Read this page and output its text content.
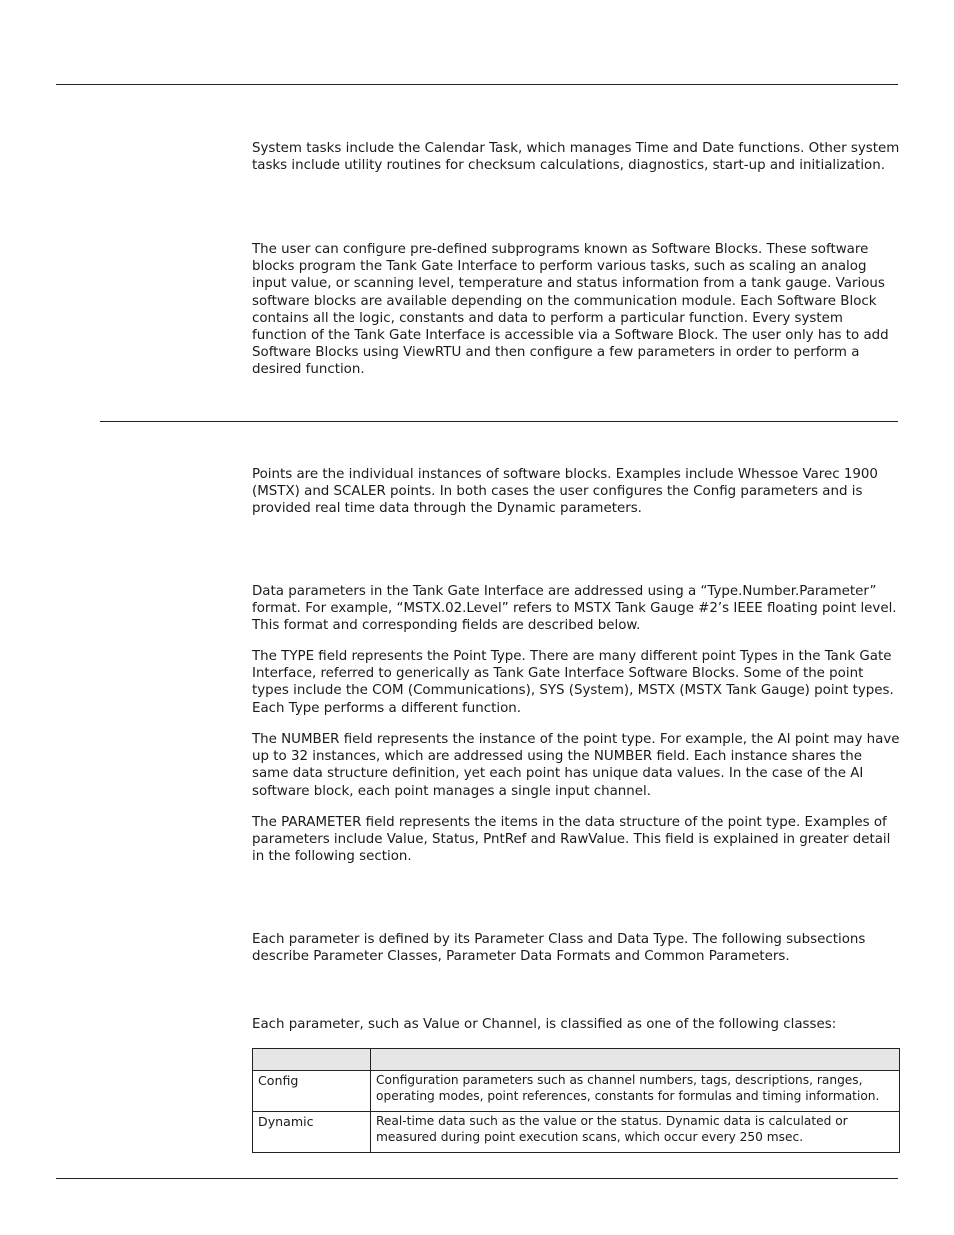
System tasks include the Calendar Task, which manages Time and Date functions. Other system tasks include utility routines for checksum calculations, diagnostics, start-up and initialization.

The user can configure pre-defined subprograms known as Software Blocks. These software blocks program the Tank Gate Interface to perform various tasks, such as scaling an analog input value, or scanning level, temperature and status information from a tank gauge. Various software blocks are available depending on the communication module. Each Software Block contains all the logic, constants and data to perform a particular function. Every system function of the Tank Gate Interface is accessible via a Software Block. The user only has to add Software Blocks using ViewRTU and then configure a few parameters in order to perform a desired function.

Points are the individual instances of software blocks. Examples include Whessoe Varec 1900 (MSTX) and SCALER points. In both cases the user configures the Config parameters and is provided real time data through the Dynamic parameters.

Data parameters in the Tank Gate Interface are addressed using a “Type.Number.Parameter” format. For example, “MSTX.02.Level” refers to MSTX Tank Gauge #2’s IEEE floating point level. This format and corresponding fields are described below.

The TYPE field represents the Point Type. There are many different point Types in the Tank Gate Interface, referred to generically as Tank Gate Interface Software Blocks. Some of the point types include the COM (Communications), SYS (System), MSTX (MSTX Tank Gauge) point types. Each Type performs a different function.

The NUMBER field represents the instance of the point type. For example, the AI point may have up to 32 instances, which are addressed using the NUMBER field. Each instance shares the same data structure definition, yet each point has unique data values. In the case of the AI software block, each point manages a single input channel.

The PARAMETER field represents the items in the data structure of the point type. Examples of parameters include Value, Status, PntRef and RawValue. This field is explained in greater detail in the following section.

Each parameter is defined by its Parameter Class and Data Type. The following subsections describe Parameter Classes, Parameter Data Formats and Common Parameters.

Each parameter, such as Value or Channel, is classified as one of the following classes:

Config	Configuration parameters such as channel numbers, tags, descriptions, ranges, operating modes, point references, constants for formulas and timing information.
Dynamic	Real-time data such as the value or the status. Dynamic data is calculated or measured during point execution scans, which occur every 250 msec.
